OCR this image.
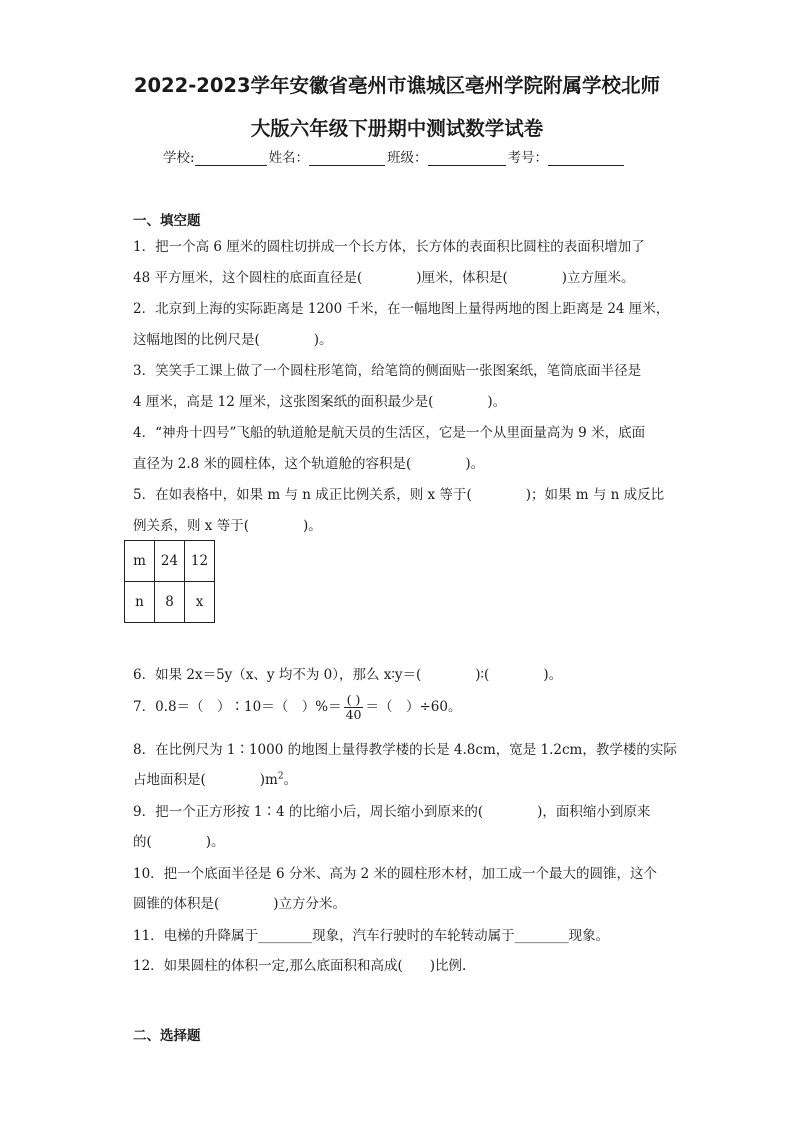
2022-2023学年安徽省亳州市谯城区亳州学院附属学校北师
大版六年级下册期中测试数学试卷
学校:	姓名：	班级：	考号：
一、填空题
1．把一个高 6 厘米的圆柱切拼成一个长方体，长方体的表面积比圆柱的表面积增加了
48 平方厘米，这个圆柱的底面直径是(　　　　)厘米，体积是(　　　　)立方厘米。
2．北京到上海的实际距离是 1200 千米，在一幅地图上量得两地的图上距离是 24 厘米，
这幅地图的比例尺是(　　　　)。
3．笑笑手工课上做了一个圆柱形笔筒，给笔筒的侧面贴一张图案纸，笔筒底面半径是
4 厘米，高是 12 厘米，这张图案纸的面积最少是(　　　　)。
4．“神舟十四号”飞船的轨道舱是航天员的生活区，它是一个从里面量高为 9 米，底面
直径为 2.8 米的圆柱体，这个轨道舱的容积是(　　　　)。
5．在如表格中，如果 m 与 n 成正比例关系，则 x 等于(　　　　)；如果 m 与 n 成反比
例关系，则 x 等于(　　　　)。
m	24	12
n	8	x
6．如果 2x＝5y（x、y 均不为 0），那么 x∶y＝(　　　　)∶(　　　　)。
7．0.8＝（　）∶10＝（　）%＝ $\frac{( )}{40}$ ＝（　）÷60。
8．在比例尺为 1∶1000 的地图上量得教学楼的长是 4.8cm，宽是 1.2cm，教学楼的实际
占地面积是(　　　　)$m^2$。
9．把一个正方形按 1∶4 的比缩小后，周长缩小到原来的(　　　　)，面积缩小到原来
的(　　　　)。
10．把一个底面半径是 6 分米、高为 2 米的圆柱形木材，加工成一个最大的圆锥，这个
圆锥的体积是(　　　　)立方分米。
11．电梯的升降属于________现象，汽车行驶时的车轮转动属于________现象。
12．如果圆柱的体积一定,那么底面积和高成(　　)比例.
二、选择题
